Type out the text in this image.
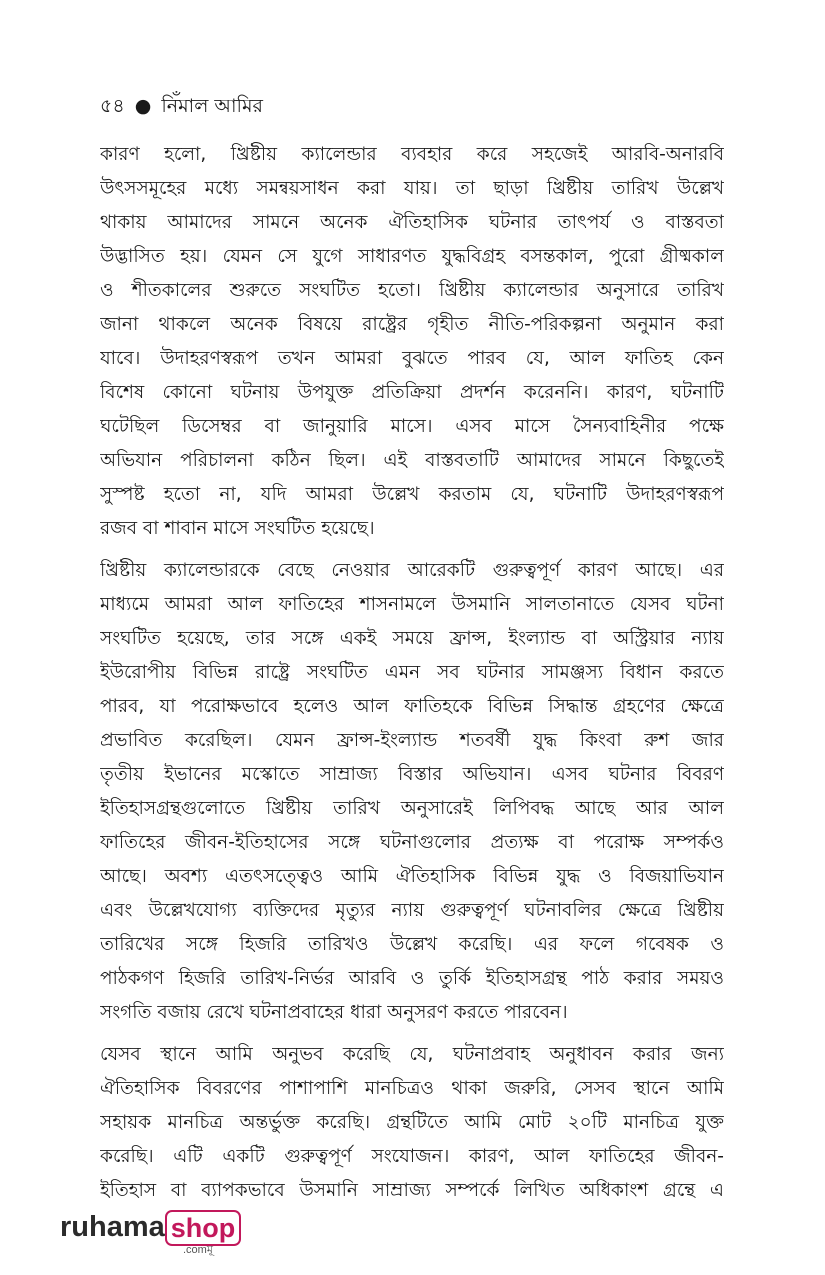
৫৪ ● নিঁমাল আমির
কারণ হলো, খ্রিষ্টীয় ক্যালেন্ডার ব্যবহার করে সহজেই আরবি-অনারবি
উৎসসমূহের মধ্যে সমন্বয়সাধন করা যায়। তা ছাড়া খ্রিষ্টীয় তারিখ উল্লেখ
থাকায় আমাদের সামনে অনেক ঐতিহাসিক ঘটনার তাৎপর্য ও বাস্তবতা
উদ্ভাসিত হয়। যেমন সে যুগে সাধারণত যুদ্ধবিগ্রহ বসন্তকাল, পুরো গ্রীষ্মকাল
ও শীতকালের শুরুতে সংঘটিত হতো। খ্রিষ্টীয় ক্যালেন্ডার অনুসারে তারিখ
জানা থাকলে অনেক বিষয়ে রাষ্ট্রের গৃহীত নীতি-পরিকল্পনা অনুমান করা
যাবে। উদাহরণস্বরূপ তখন আমরা বুঝতে পারব যে, আল ফাতিহ কেন
বিশেষ কোনো ঘটনায় উপযুক্ত প্রতিক্রিয়া প্রদর্শন করেননি। কারণ, ঘটনাটি
ঘটেছিল ডিসেম্বর বা জানুয়ারি মাসে। এসব মাসে সৈন্যবাহিনীর পক্ষে
অভিযান পরিচালনা কঠিন ছিল। এই বাস্তবতাটি আমাদের সামনে কিছুতেই
সুস্পষ্ট হতো না, যদি আমরা উল্লেখ করতাম যে, ঘটনাটি উদাহরণস্বরূপ
রজব বা শাবান মাসে সংঘটিত হয়েছে।
খ্রিষ্টীয় ক্যালেন্ডারকে বেছে নেওয়ার আরেকটি গুরুত্বপূর্ণ কারণ আছে। এর
মাধ্যমে আমরা আল ফাতিহের শাসনামলে উসমানি সালতানাতে যেসব ঘটনা
সংঘটিত হয়েছে, তার সঙ্গে একই সময়ে ফ্রান্স, ইংল্যান্ড বা অস্ট্রিয়ার ন্যায়
ইউরোপীয় বিভিন্ন রাষ্ট্রে সংঘটিত এমন সব ঘটনার সামঞ্জস্য বিধান করতে
পারব, যা পরোক্ষভাবে হলেও আল ফাতিহকে বিভিন্ন সিদ্ধান্ত গ্রহণের ক্ষেত্রে
প্রভাবিত করেছিল। যেমন ফ্রান্স-ইংল্যান্ড শতবর্ষী যুদ্ধ কিংবা রুশ জার
তৃতীয় ইভানের মস্কোতে সাম্রাজ্য বিস্তার অভিযান। এসব ঘটনার বিবরণ
ইতিহাসগ্রন্থগুলোতে খ্রিষ্টীয় তারিখ অনুসারেই লিপিবদ্ধ আছে আর আল
ফাতিহের জীবন-ইতিহাসের সঙ্গে ঘটনাগুলোর প্রত্যক্ষ বা পরোক্ষ সম্পর্কও
আছে। অবশ্য এতৎসত্ত্বেও আমি ঐতিহাসিক বিভিন্ন যুদ্ধ ও বিজয়াভিযান
এবং উল্লেখযোগ্য ব্যক্তিদের মৃত্যুর ন্যায় গুরুত্বপূর্ণ ঘটনাবলির ক্ষেত্রে খ্রিষ্টীয়
তারিখের সঙ্গে হিজরি তারিখও উল্লেখ করেছি। এর ফলে গবেষক ও
পাঠকগণ হিজরি তারিখ-নির্ভর আরবি ও তুর্কি ইতিহাসগ্রন্থ পাঠ করার সময়ও
সংগতি বজায় রেখে ঘটনাপ্রবাহের ধারা অনুসরণ করতে পারবেন।
যেসব স্থানে আমি অনুভব করেছি যে, ঘটনাপ্রবাহ অনুধাবন করার জন্য
ঐতিহাসিক বিবরণের পাশাপাশি মানচিত্রও থাকা জরুরি, সেসব স্থানে আমি
সহায়ক মানচিত্র অন্তর্ভুক্ত করেছি। গ্রন্থটিতে আমি মোট ২০টি মানচিত্র যুক্ত
করেছি। এটি একটি গুরুত্বপূর্ণ সংযোজন। কারণ, আল ফাতিহের জীবন-
ইতিহাস বা ব্যাপকভাবে উসমানি সাম্রাজ্য সম্পর্কে লিখিত অধিকাংশ গ্রন্থে এ
ruhama shop
.comমূ
